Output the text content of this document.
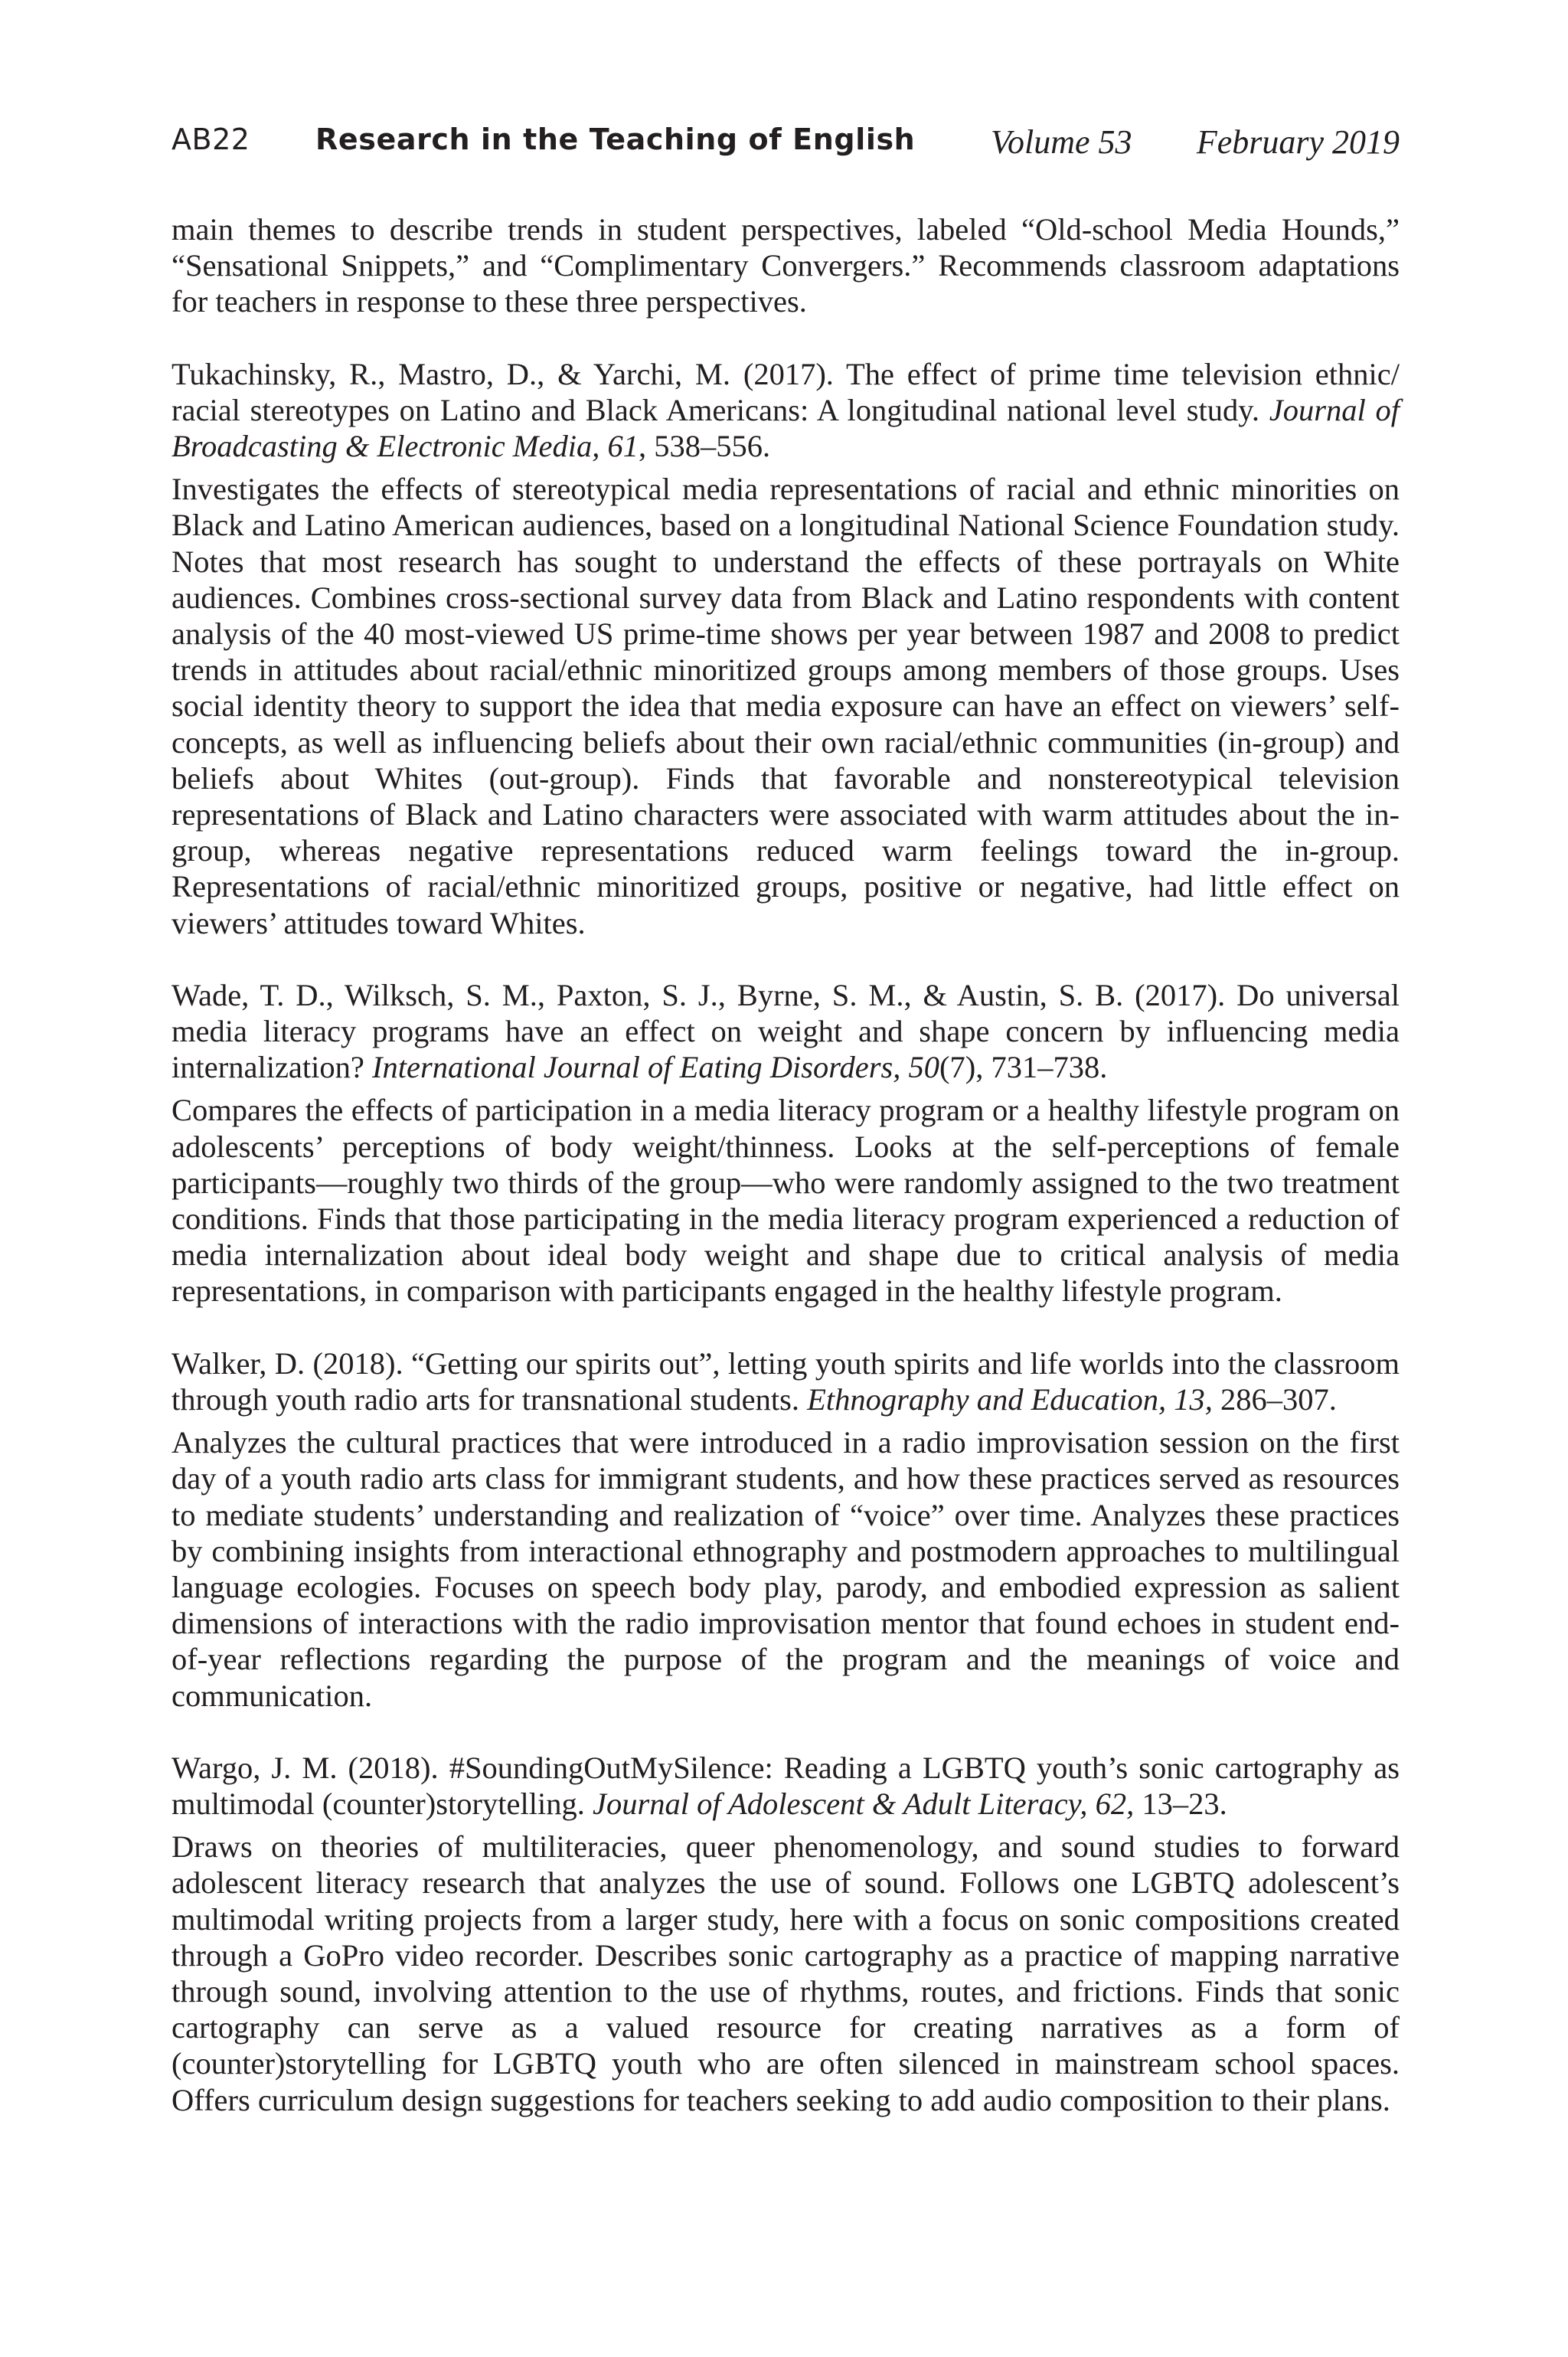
AB22 Research in the Teaching of English Volume 53 February 2019

main themes to describe trends in student perspectives, labeled “Old-school Media Hounds,” “Sensational Snippets,” and “Complimentary Convergers.” Recommends classroom adaptations for teachers in response to these three perspectives.

Tukachinsky, R., Mastro, D., & Yarchi, M. (2017). The effect of prime time television ethnic/ racial stereotypes on Latino and Black Americans: A longitudinal national level study. Journal of Broadcasting & Electronic Media, 61, 538–556.

Investigates the effects of stereotypical media representations of racial and ethnic minorities on Black and Latino American audiences, based on a longitudinal National Science Foundation study. Notes that most research has sought to understand the effects of these portrayals on White audiences. Combines cross-sectional survey data from Black and Latino respondents with content analysis of the 40 most-viewed US prime-time shows per year between 1987 and 2008 to predict trends in attitudes about racial/ethnic minoritized groups among members of those groups. Uses social identity theory to support the idea that media exposure can have an effect on viewers’ self-concepts, as well as influencing beliefs about their own racial/ethnic communities (in-group) and beliefs about Whites (out-group). Finds that favorable and nonstereotypical television representations of Black and Latino characters were associated with warm attitudes about the in-group, whereas negative representations reduced warm feelings toward the in-group. Representations of racial/ethnic minoritized groups, positive or negative, had little effect on viewers’ attitudes toward Whites.

Wade, T. D., Wilksch, S. M., Paxton, S. J., Byrne, S. M., & Austin, S. B. (2017). Do universal media literacy programs have an effect on weight and shape concern by influencing media internalization? International Journal of Eating Disorders, 50(7), 731–738.

Compares the effects of participation in a media literacy program or a healthy lifestyle program on adolescents’ perceptions of body weight/thinness. Looks at the self-perceptions of female participants—roughly two thirds of the group—who were randomly assigned to the two treatment conditions. Finds that those participating in the media literacy program experienced a reduction of media internalization about ideal body weight and shape due to critical analysis of media representations, in comparison with participants engaged in the healthy lifestyle program.

Walker, D. (2018). “Getting our spirits out”, letting youth spirits and life worlds into the classroom through youth radio arts for transnational students. Ethnography and Education, 13, 286–307.

Analyzes the cultural practices that were introduced in a radio improvisation session on the first day of a youth radio arts class for immigrant students, and how these practices served as resources to mediate students’ understanding and realization of “voice” over time. Analyzes these practices by combining insights from interactional ethnography and postmodern approaches to multilingual language ecologies. Focuses on speech body play, parody, and embodied expression as salient dimensions of interactions with the radio improvisation mentor that found echoes in student end-of-year reflections regarding the purpose of the program and the meanings of voice and communication.

Wargo, J. M. (2018). #SoundingOutMySilence: Reading a LGBTQ youth’s sonic cartography as multimodal (counter)storytelling. Journal of Adolescent & Adult Literacy, 62, 13–23.

Draws on theories of multiliteracies, queer phenomenology, and sound studies to forward adolescent literacy research that analyzes the use of sound. Follows one LGBTQ adolescent’s multimodal writing projects from a larger study, here with a focus on sonic compositions created through a GoPro video recorder. Describes sonic cartography as a practice of mapping narrative through sound, involving attention to the use of rhythms, routes, and frictions. Finds that sonic cartography can serve as a valued resource for creating narratives as a form of (counter)storytelling for LGBTQ youth who are often silenced in mainstream school spaces. Offers curriculum design suggestions for teachers seeking to add audio composition to their plans.
